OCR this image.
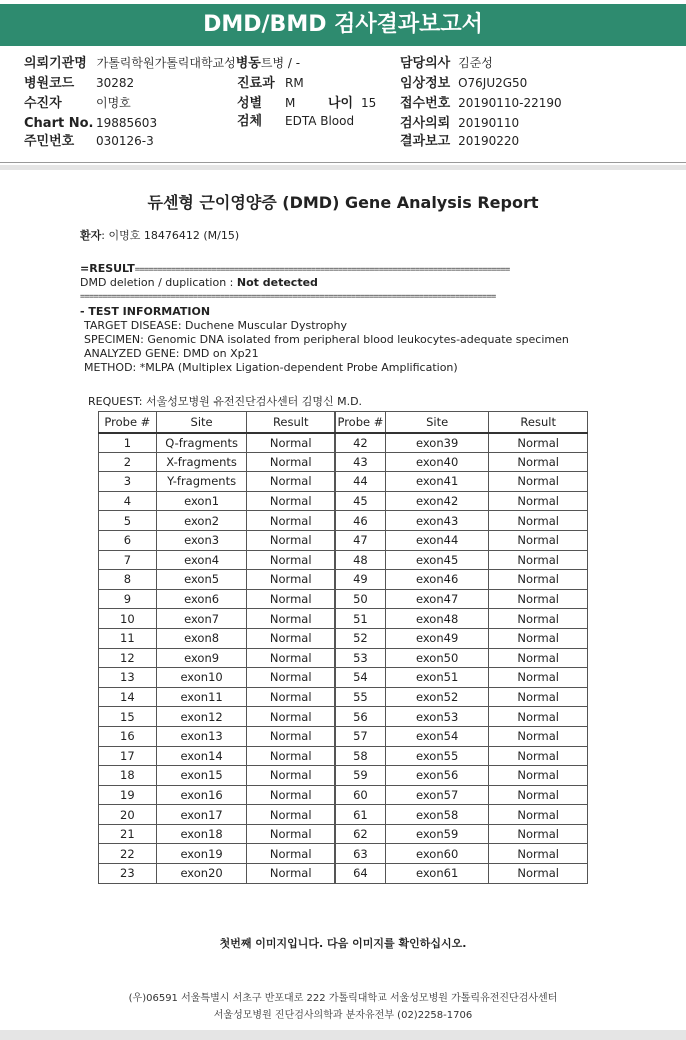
DMD/BMD 검사결과보고서
의뢰기관명 가톨릭학원가톨릭대학교성병동트병 / -	담당의사 김준성
병원코드 30282	진료과 RM	임상정보 O76JU2G50
수진자	이명호	성별 M	나이 15 접수번호 20190110-22190
Chart No. 19885603	검체 EDTA Blood	검사의뢰 20190110
주민번호 030126-3	결과보고 20190220
듀센형 근이영양증 (DMD) Gene Analysis Report
환자: 이명호 18476412 (M/15)
=RESULT===================================================================================
DMD deletion / duplication : Not detected
============================================================================================
- TEST INFORMATION
TARGET DISEASE: Duchene Muscular Dystrophy
SPECIMEN: Genomic DNA isolated from peripheral blood leukocytes-adequate specimen
ANALYZED GENE: DMD on Xp21
METHOD: *MLPA (Multiplex Ligation-dependent Probe Amplification)
REQUEST: 서울성모병원 유전진단검사센터 김명신 M.D.
Probe #	Site	Result
1	Q-fragments	Normal
2	X-fragments	Normal
3	Y-fragments	Normal
4	exon1	Normal
5	exon2	Normal
6	exon3	Normal
7	exon4	Normal
8	exon5	Normal
9	exon6	Normal
10	exon7	Normal
11	exon8	Normal
12	exon9	Normal
13	exon10	Normal
14	exon11	Normal
15	exon12	Normal
16	exon13	Normal
17	exon14	Normal
18	exon15	Normal
19	exon16	Normal
20	exon17	Normal
21	exon18	Normal
22	exon19	Normal
23	exon20	Normal
Probe #	Site	Result
42	exon39	Normal
43	exon40	Normal
44	exon41	Normal
45	exon42	Normal
46	exon43	Normal
47	exon44	Normal
48	exon45	Normal
49	exon46	Normal
50	exon47	Normal
51	exon48	Normal
52	exon49	Normal
53	exon50	Normal
54	exon51	Normal
55	exon52	Normal
56	exon53	Normal
57	exon54	Normal
58	exon55	Normal
59	exon56	Normal
60	exon57	Normal
61	exon58	Normal
62	exon59	Normal
63	exon60	Normal
64	exon61	Normal
첫번째 이미지입니다. 다음 이미지를 확인하십시오.
(우)06591 서울특별시 서초구 반포대로 222 가톨릭대학교 서울성모병원 가톨릭유전진단검사센터
서울성모병원 진단검사의학과 분자유전부 (02)2258-1706
